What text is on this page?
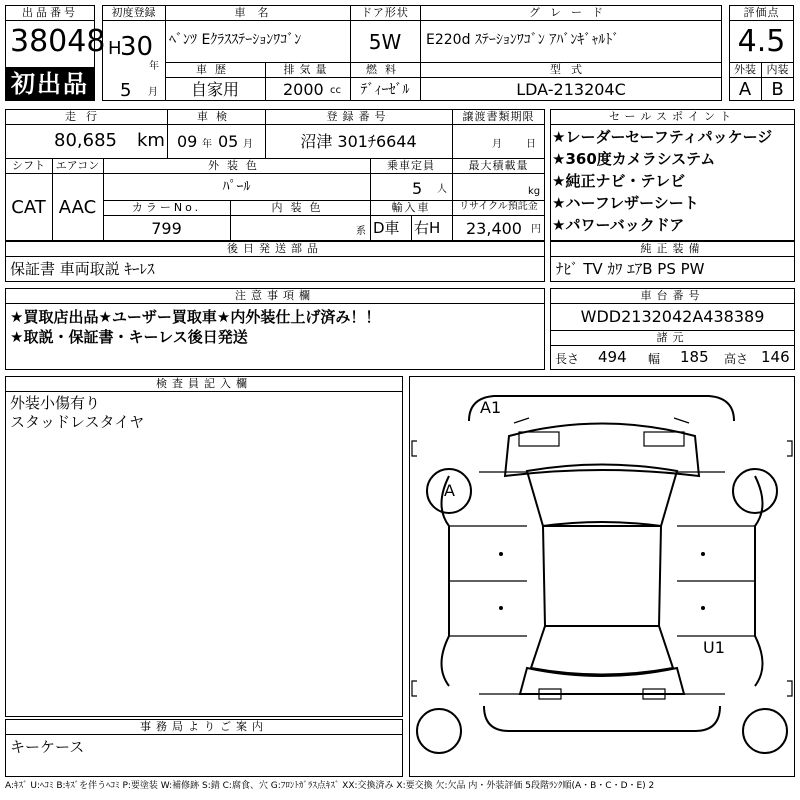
出品番号
38048
初出品
初度登録
H
30
年
5 月
車名
ﾍﾞﾝﾂ Eｸﾗｽｽﾃｰｼｮﾝﾜｺﾞﾝ
ドア形状
5W
グレード
E220d ｽﾃｰｼｮﾝﾜｺﾞﾝ ｱﾊﾞﾝｷﾞｬﾙﾄﾞ
車歴
自家用
排気量
2000 cc
燃料
ﾃﾞｨｰｾﾞﾙ
型式
LDA-213204C
評価点
4.5
外装 内装
A	B
走行
80,685 km
車検
09 年 05 月
登録番号
沼津 301ﾁ6644
譲渡書類期限
月 日
シフト
CAT
エアコン
AAC
外装色
ﾊﾟｰﾙ
カラーNo.
799
内装色
系
乗車定員
5 人
最大積載量
kg
輸入車
D車 右H
リサイクル預託金
23,400 円
後日発送部品
保証書 車両取説 ｷｰﾚｽ
セールスポイント
★レーダーセーフティパッケージ
★360度カメラシステム
★純正ナビ・テレビ
★ハーフレザーシート
★パワーバックドア
純正装備
ﾅﾋﾞ TV ｶﾜ ｴｱB PS PW
注意事項欄
★買取店出品★ユーザー買取車★内外装仕上げ済み！！
★取説・保証書・キーレス後日発送
車台番号
WDD2132042A438389
諸元
長さ 494 幅 185 高さ 146
検査員記入欄
外装小傷有り
スタッドレスタイヤ
事務局よりご案内
キーケース
A1
A
U1
A:ｷｽﾞ U:ﾍｺﾐ B:ｷｽﾞを伴うﾍｺﾐ P:要塗装 W:補修跡 S:錆 C:腐食、穴 G:ﾌﾛﾝﾄｶﾞﾗｽ点ｷｽﾞ XX:交換済み X:要交換 欠:欠品 内・外装評価 5段階ﾗﾝｸ順(A・B・C・D・E) 2
